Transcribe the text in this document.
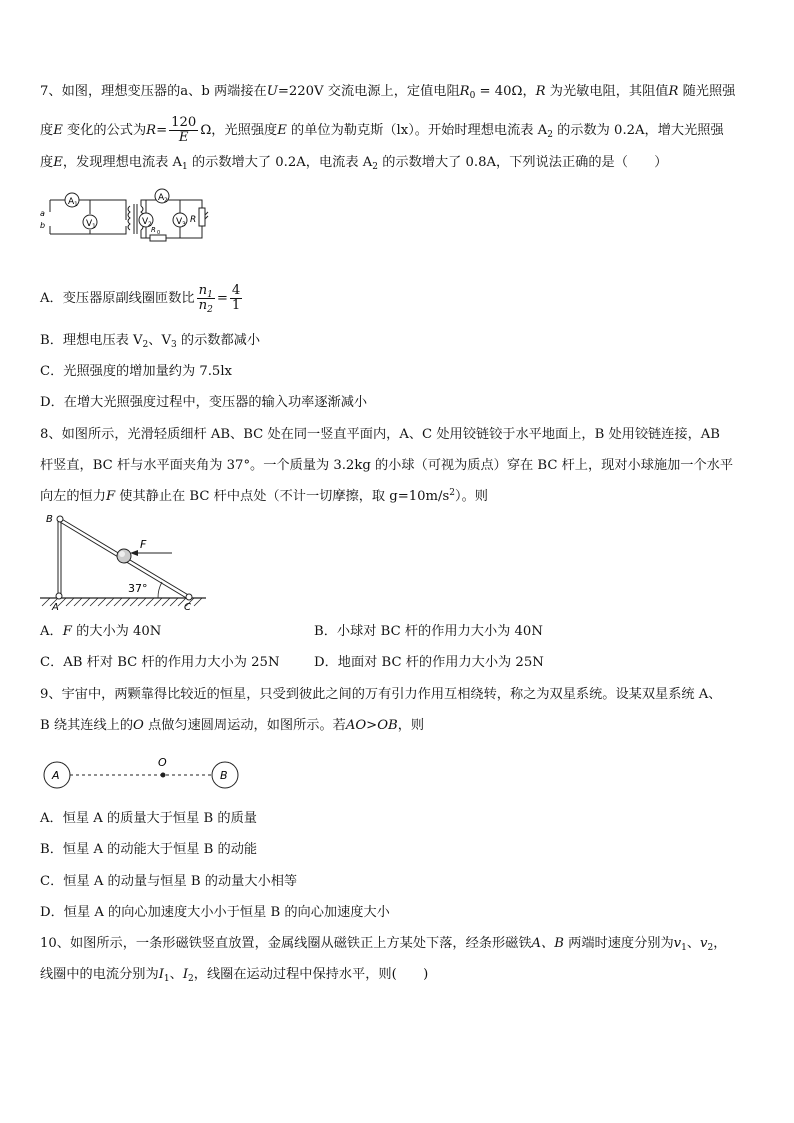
7、如图，理想变压器的a、b 两端接在U=220V 交流电源上，定值电阻$R_0 = 40\Omega$，R 为光敏电阻，其阻值R 随光照强
度E 变化的公式为$R= \frac{120}{E}$ Ω，光照强度E 的单位为勒克斯（lx）。开始时理想电流表 $A_2$ 的示数为 0.2A，增大光照强
度E，发现理想电流表 $A_1$ 的示数增大了 0.2A，电流表 $A_2$ 的示数增大了 0.8A，下列说法正确的是（　　）
A 1
V 1
A 2
V 2	V 3
a
b	R 0
R
A．变压器原副线圈匝数比 $\frac{n_1}{n_2} = \frac{4}{1}$
B．理想电压表 $V_2$、$V_3$ 的示数都减小
C．光照强度的增加量约为 7.5lx
D．在增大光照强度过程中，变压器的输入功率逐渐减小
8、如图所示，光滑轻质细杆 AB、BC 处在同一竖直平面内，A、C 处用铰链铰于水平地面上，B 处用铰链连接，AB
杆竖直，BC 杆与水平面夹角为 37°。一个质量为 3.2kg 的小球（可视为质点）穿在 BC 杆上，现对小球施加一个水平
向左的恒力F 使其静止在 BC 杆中点处（不计一切摩擦，取 $g=10m/s^2$）。则
B
A	C
F
37°
A．F 的大小为 40N	B．小球对 BC 杆的作用力大小为 40N
C．AB 杆对 BC 杆的作用力大小为 25N	D．地面对 BC 杆的作用力大小为 25N
9、宇宙中，两颗靠得比较近的恒星，只受到彼此之间的万有引力作用互相绕转，称之为双星系统。设某双星系统 A、
B 绕其连线上的O 点做匀速圆周运动，如图所示。若AO>OB，则
A	B
O
A．恒星 A 的质量大于恒星 B 的质量
B．恒星 A 的动能大于恒星 B 的动能
C．恒星 A 的动量与恒星 B 的动量大小相等
D．恒星 A 的向心加速度大小小于恒星 B 的向心加速度大小
10、如图所示，一条形磁铁竖直放置，金属线圈从磁铁正上方某处下落，经条形磁铁A、B 两端时速度分别为$v_1$、$v_2$，
线圈中的电流分别为$I_1$、$I_2$，线圈在运动过程中保持水平，则(　　)
